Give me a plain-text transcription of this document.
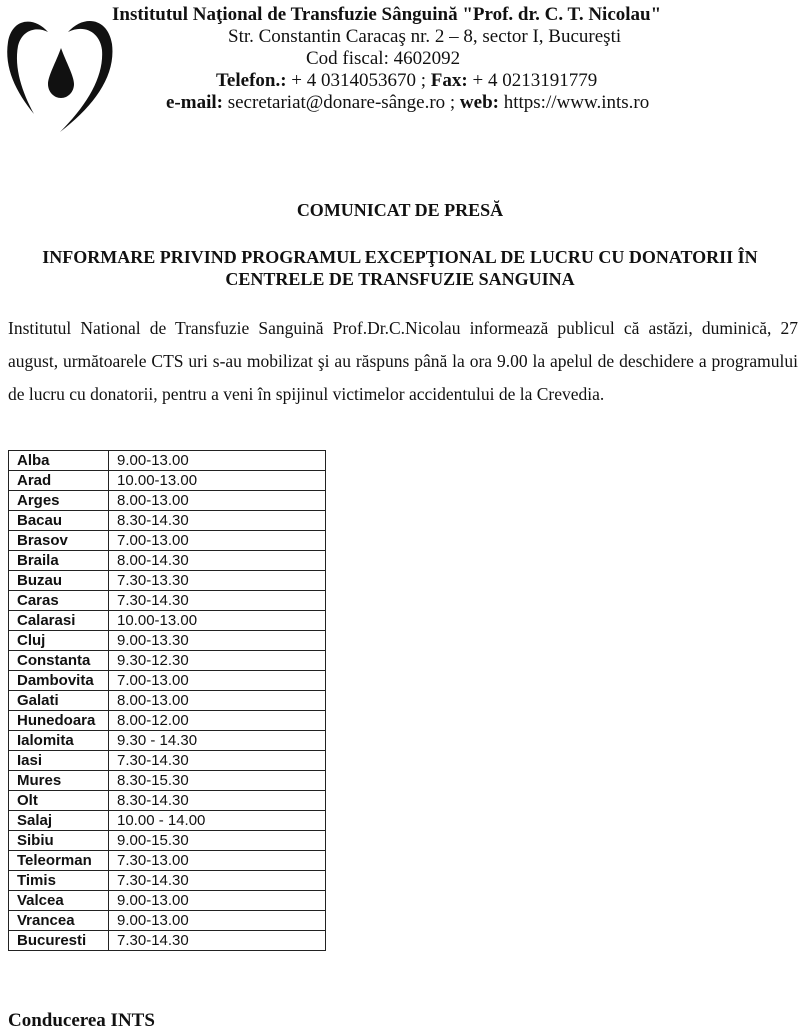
Institutul Naţional de Transfuzie Sânguină "Prof. dr. C. T. Nicolau"
Str. Constantin Caracaş nr. 2 – 8, sector I, Bucureşti
Cod fiscal: 4602092
Telefon.: + 4 0314053670 ; Fax: + 4 0213191779
e-mail: secretariat@donare-sânge.ro ; web: https://www.ints.ro
COMUNICAT DE PRESĂ
INFORMARE PRIVIND PROGRAMUL EXCEPŢIONAL DE LUCRU CU DONATORII ÎN
CENTRELE DE TRANSFUZIE SANGUINA
Institutul National de Transfuzie Sanguină Prof.Dr.C.Nicolau informează publicul că astăzi, duminică, 27 august, următoarele CTS uri s-au mobilizat şi au răspuns până la ora 9.00 la apelul de deschidere a programului de lucru cu donatorii, pentru a veni în spijinul victimelor accidentului de la Crevedia.
Alba	9.00-13.00
Arad	10.00-13.00
Arges	8.00-13.00
Bacau	8.30-14.30
Brasov	7.00-13.00
Braila	8.00-14.30
Buzau	7.30-13.30
Caras	7.30-14.30
Calarasi	10.00-13.00
Cluj	9.00-13.30
Constanta	9.30-12.30
Dambovita	7.00-13.00
Galati	8.00-13.00
Hunedoara	8.00-12.00
Ialomita	9.30 - 14.30
Iasi	7.30-14.30
Mures	8.30-15.30
Olt	8.30-14.30
Salaj	10.00 - 14.00
Sibiu	9.00-15.30
Teleorman	7.30-13.00
Timis	7.30-14.30
Valcea	9.00-13.00
Vrancea	9.00-13.00
Bucuresti	7.30-14.30
Conducerea INTS
